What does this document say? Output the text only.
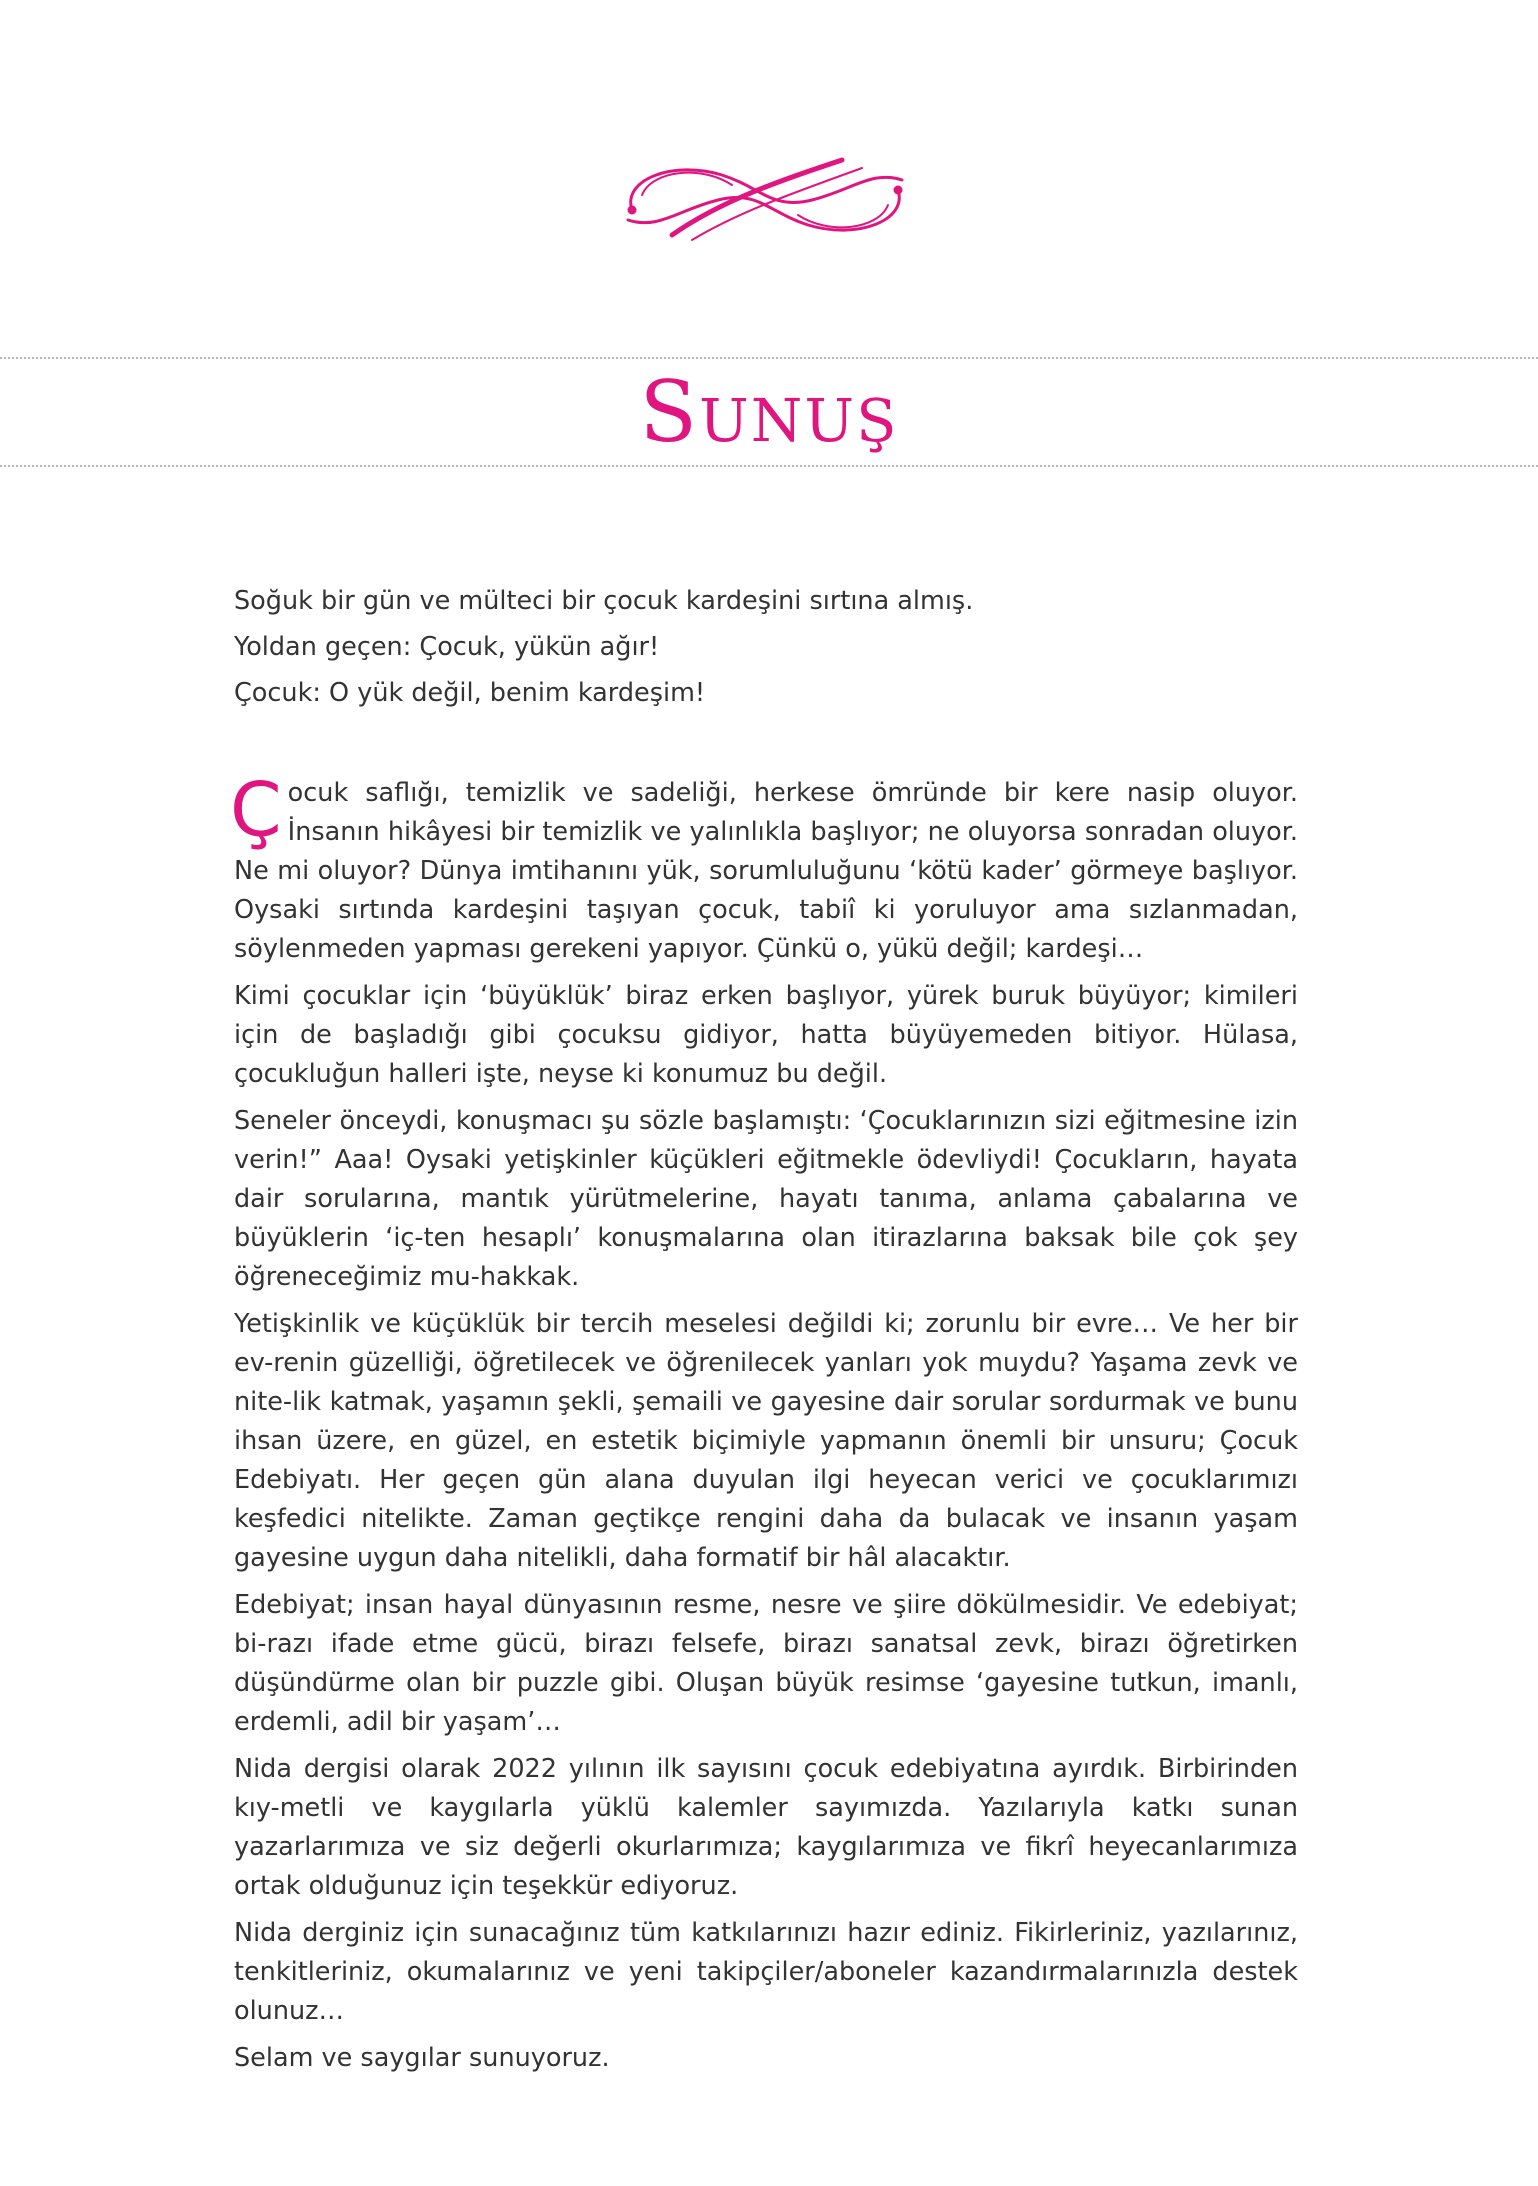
Sunuş

Soğuk bir gün ve mülteci bir çocuk kardeşini sırtına almış.

Yoldan geçen: Çocuk, yükün ağır!

Çocuk: O yük değil, benim kardeşim!

Çocuk saflığı, temizlik ve sadeliği, herkese ömründe bir kere nasip oluyor. İnsanın hikâyesi bir temizlik ve yalınlıkla başlıyor; ne oluyorsa sonradan oluyor. Ne mi oluyor? Dünya imtihanını yük, sorumluluğunu ‘kötü kader’ görmeye başlıyor. Oysaki sırtında kardeşini taşıyan çocuk, tabiî ki yoruluyor ama sızlanmadan, söylenmeden yapması gerekeni yapıyor. Çünkü o, yükü değil; kardeşi…

Kimi çocuklar için ‘büyüklük’ biraz erken başlıyor, yürek buruk büyüyor; kimileri için de başladığı gibi çocuksu gidiyor, hatta büyüyemeden bitiyor. Hülasa, çocukluğun halleri işte, neyse ki konumuz bu değil.

Seneler önceydi, konuşmacı şu sözle başlamıştı: ‘Çocuklarınızın sizi eğitmesine izin verin!” Aaa! Oysaki yetişkinler küçükleri eğitmekle ödevliydi! Çocukların, hayata dair sorularına, mantık yürütmelerine, hayatı tanıma, anlama çabalarına ve büyüklerin ‘iç-ten hesaplı’ konuşmalarına olan itirazlarına baksak bile çok şey öğreneceğimiz mu-hakkak.

Yetişkinlik ve küçüklük bir tercih meselesi değildi ki; zorunlu bir evre… Ve her bir ev-renin güzelliği, öğretilecek ve öğrenilecek yanları yok muydu? Yaşama zevk ve nite-lik katmak, yaşamın şekli, şemaili ve gayesine dair sorular sordurmak ve bunu ihsan üzere, en güzel, en estetik biçimiyle yapmanın önemli bir unsuru; Çocuk Edebiyatı. Her geçen gün alana duyulan ilgi heyecan verici ve çocuklarımızı keşfedici nitelikte. Zaman geçtikçe rengini daha da bulacak ve insanın yaşam gayesine uygun daha nitelikli, daha formatif bir hâl alacaktır.

Edebiyat; insan hayal dünyasının resme, nesre ve şiire dökülmesidir. Ve edebiyat; bi-razı ifade etme gücü, birazı felsefe, birazı sanatsal zevk, birazı öğretirken düşündürme olan bir puzzle gibi. Oluşan büyük resimse ‘gayesine tutkun, imanlı, erdemli, adil bir yaşam’…

Nida dergisi olarak 2022 yılının ilk sayısını çocuk edebiyatına ayırdık. Birbirinden kıy-metli ve kaygılarla yüklü kalemler sayımızda. Yazılarıyla katkı sunan yazarlarımıza ve siz değerli okurlarımıza; kaygılarımıza ve fikrî heyecanlarımıza ortak olduğunuz için teşekkür ediyoruz.

Nida derginiz için sunacağınız tüm katkılarınızı hazır ediniz. Fikirleriniz, yazılarınız, tenkitleriniz, okumalarınız ve yeni takipçiler/aboneler kazandırmalarınızla destek olunuz…

Selam ve saygılar sunuyoruz.
